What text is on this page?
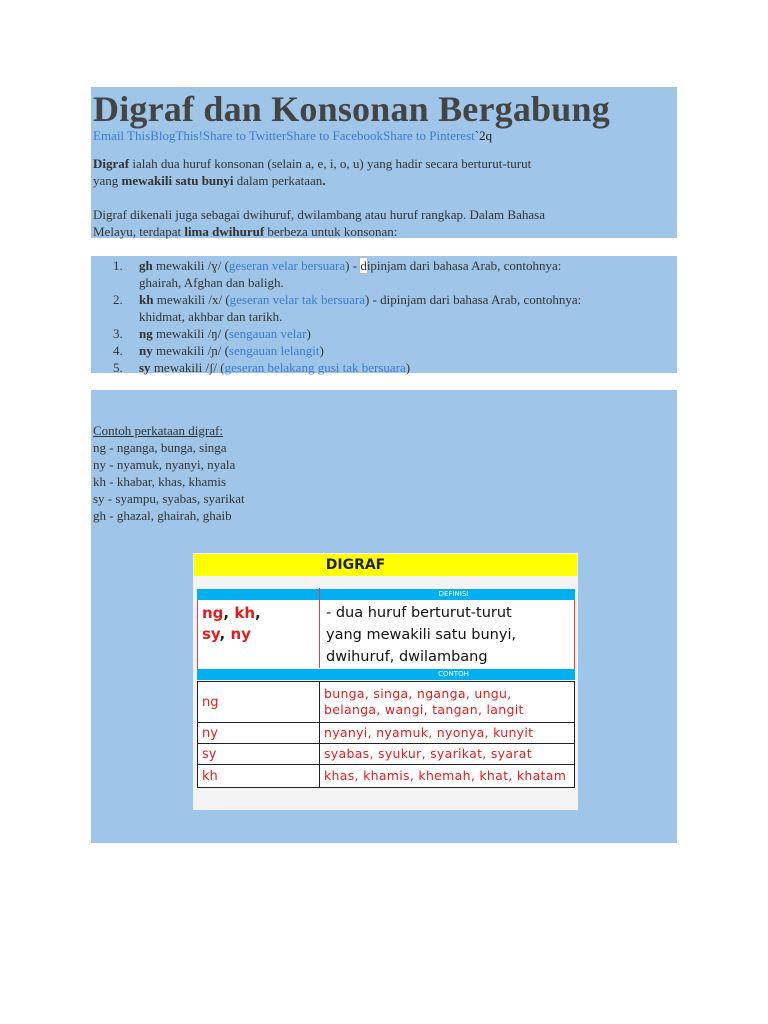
Digraf dan Konsonan Bergabung
Email ThisBlogThis!Share to TwitterShare to FacebookShare to Pinterest`2q

Digraf ialah dua huruf konsonan (selain a, e, i, o, u) yang hadir secara berturut-turut
yang mewakili satu bunyi dalam perkataan.

Digraf dikenali juga sebagai dwihuruf, dwilambang atau huruf rangkap. Dalam Bahasa
Melayu, terdapat lima dwihuruf berbeza untuk konsonan:

1. gh mewakili /ɣ/ (geseran velar bersuara) - dipinjam dari bahasa Arab, contohnya:
ghairah, Afghan dan baligh.
2. kh mewakili /x/ (geseran velar tak bersuara) - dipinjam dari bahasa Arab, contohnya:
khidmat, akhbar dan tarikh.
3. ng mewakili /ŋ/ (sengauan velar)
4. ny mewakili /ɲ/ (sengauan lelangit)
5. sy mewakili /ʃ/ (geseran belakang gusi tak bersuara)
Contoh perkataan digraf:
ng - nganga, bunga, singa
ny - nyamuk, nyanyi, nyala
kh - khabar, khas, khamis
sy - syampu, syabas, syarikat
gh - ghazal, ghairah, ghaib
DIGRAF
DEFINISI
ng, kh,
sy, ny
- dua huruf berturut-turut
yang mewakili satu bunyi,
dwihuruf, dwilambang
CONTOH
ng	bunga, singa, nganga, ungu,
belanga, wangi, tangan, langit
ny	nyanyi, nyamuk, nyonya, kunyit
sy	syabas, syukur, syarikat, syarat
kh	khas, khamis, khemah, khat, khatam
